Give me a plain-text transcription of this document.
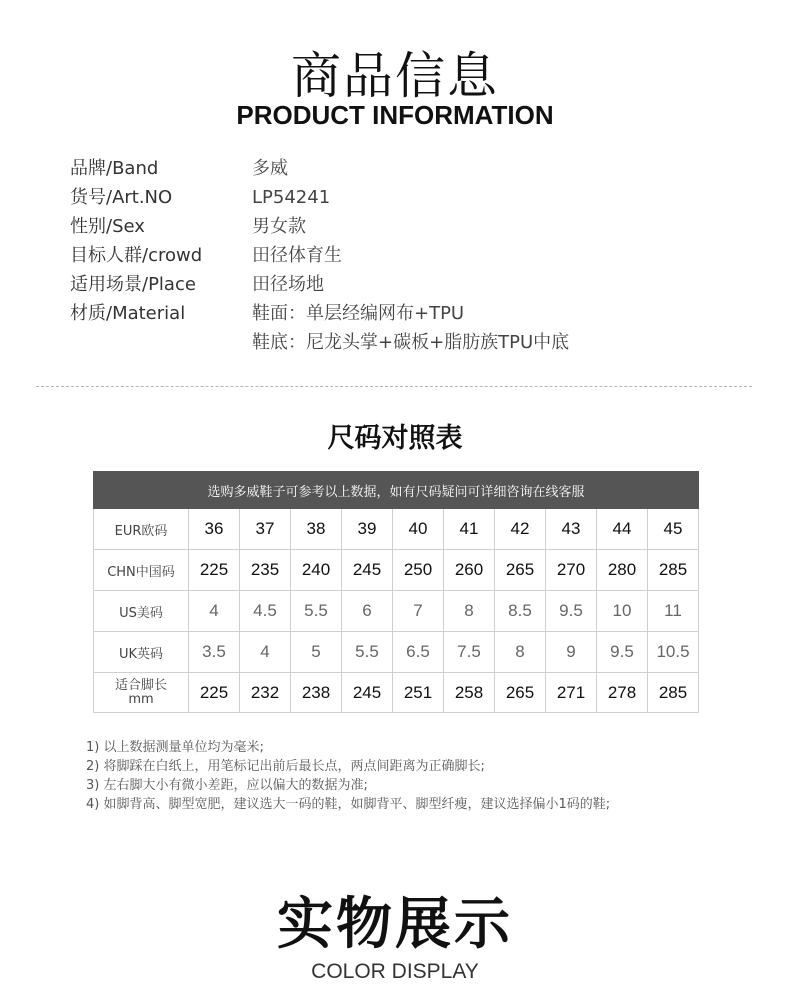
商品信息
PRODUCT INFORMATION
品牌/Band	多威
货号/Art.NO	LP54241
性别/Sex	男女款
目标人群/crowd	田径体育生
适用场景/Place	田径场地
材质/Material	鞋面：单层经编网布+TPU
鞋底：尼龙头掌+碳板+脂肪族TPU中底
尺码对照表
选购多威鞋子可参考以上数据，如有尺码疑问可详细咨询在线客服										
EUR欧码	36	37	38	39	40	41	42	43	44	45
CHN中国码	225	235	240	245	250	260	265	270	280	285
US美码	4	4.5	5.5	6	7	8	8.5	9.5	10	11
UK英码	3.5	4	5	5.5	6.5	7.5	8	9	9.5	10.5

适合脚长
mm	225	232	238	245	251	258	265	271	278	285
1) 以上数据测量单位均为毫米;
2) 将脚踩在白纸上，用笔标记出前后最长点，两点间距离为正确脚长;
3) 左右脚大小有微小差距，应以偏大的数据为准;
4) 如脚背高、脚型宽肥，建议选大一码的鞋，如脚背平、脚型纤瘦，建议选择偏小1码的鞋;
实物展示
COLOR DISPLAY
